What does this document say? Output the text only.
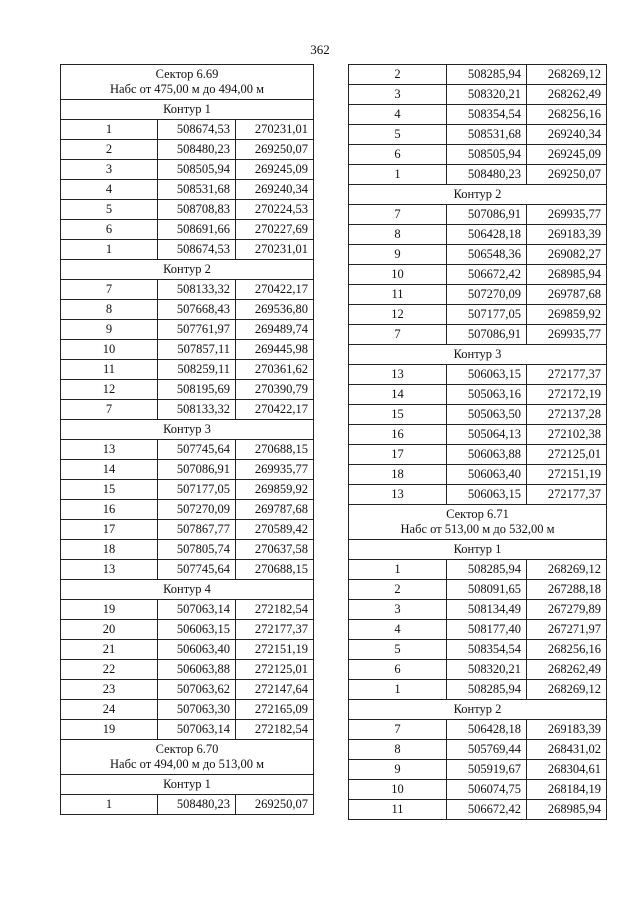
362
Сектор 6.69
Набс от 475,00 м до 494,00 м		

Контур 1		
1	508674,53	270231,01
2	508480,23	269250,07
3	508505,94	269245,09
4	508531,68	269240,34
5	508708,83	270224,53
6	508691,66	270227,69
1	508674,53	270231,01
Контур 2		
7	508133,32	270422,17
8	507668,43	269536,80
9	507761,97	269489,74
10	507857,11	269445,98
11	508259,11	270361,62
12	508195,69	270390,79
7	508133,32	270422,17
Контур 3		
13	507745,64	270688,15
14	507086,91	269935,77
15	507177,05	269859,92
16	507270,09	269787,68
17	507867,77	270589,42
18	507805,74	270637,58
13	507745,64	270688,15
Контур 4		
19	507063,14	272182,54
20	506063,15	272177,37
21	506063,40	272151,19
22	506063,88	272125,01
23	507063,62	272147,64
24	507063,30	272165,09
19	507063,14	272182,54

Сектор 6.70
Набс от 494,00 м до 513,00 м		

Контур 1		
1	508480,23	269250,07
2	508285,94	268269,12
3	508320,21	268262,49
4	508354,54	268256,16
5	508531,68	269240,34
6	508505,94	269245,09
1	508480,23	269250,07
Контур 2		
7	507086,91	269935,77
8	506428,18	269183,39
9	506548,36	269082,27
10	506672,42	268985,94
11	507270,09	269787,68
12	507177,05	269859,92
7	507086,91	269935,77
Контур 3		
13	506063,15	272177,37
14	505063,16	272172,19
15	505063,50	272137,28
16	505064,13	272102,38
17	506063,88	272125,01
18	506063,40	272151,19
13	506063,15	272177,37

Сектор 6.71
Нaбс от 513,00 м до 532,00 м		

Контур 1		
1	508285,94	268269,12
2	508091,65	267288,18
3	508134,49	267279,89
4	508177,40	267271,97
5	508354,54	268256,16
6	508320,21	268262,49
1	508285,94	268269,12
Контур 2		
7	506428,18	269183,39
8	505769,44	268431,02
9	505919,67	268304,61
10	506074,75	268184,19
11	506672,42	268985,94
